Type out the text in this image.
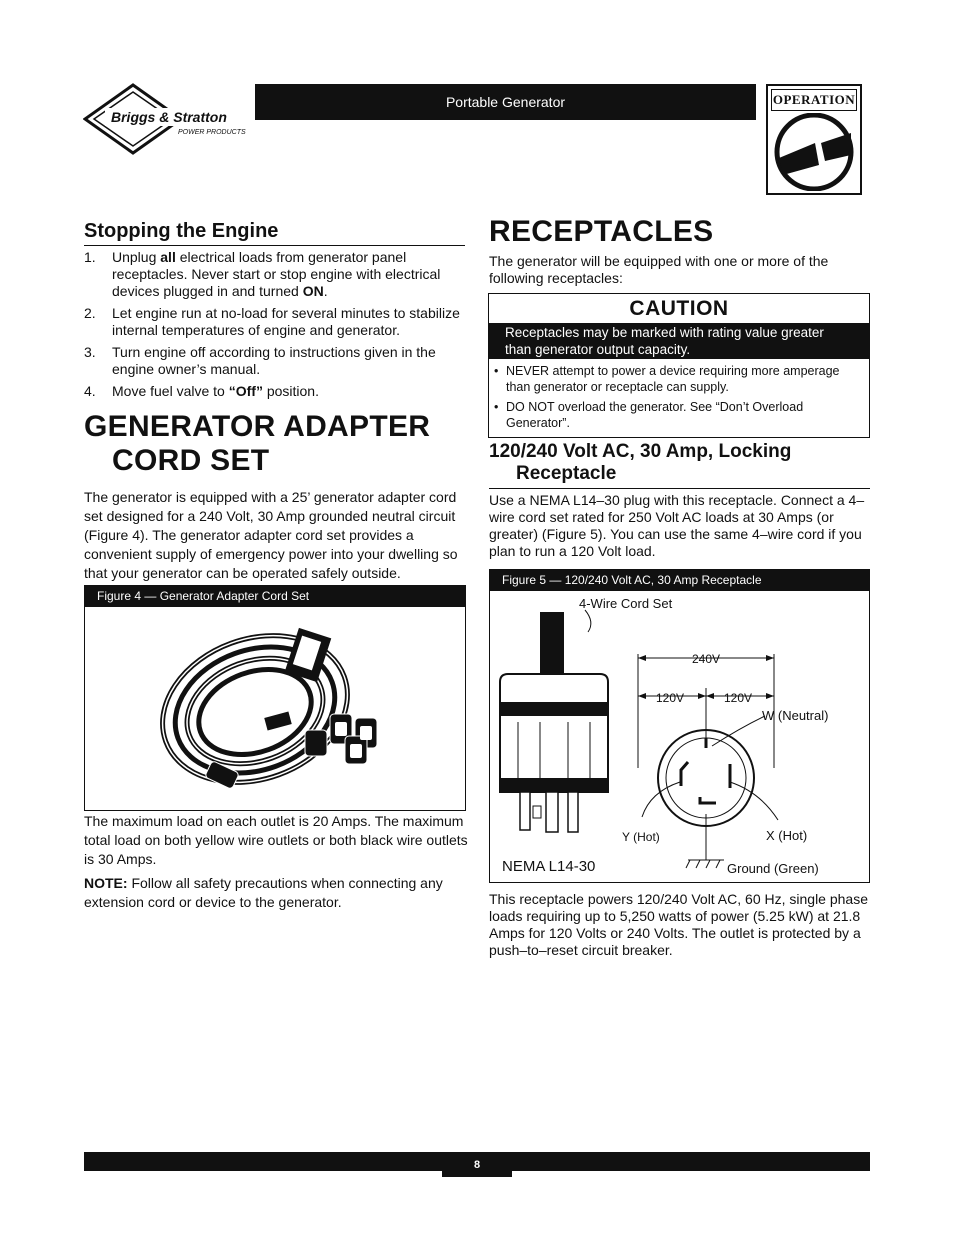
Briggs & Stratton
POWER PRODUCTS
Portable Generator	OPERATION
Stopping the Engine
1. Unplug all electrical loads from generator panel receptacles. Never start or stop engine with electrical devices plugged in and turned ON.
2. Let engine run at no-load for several minutes to stabilize internal temperatures of engine and generator.
3. Turn engine off according to instructions given in the engine owner’s manual.
4. Move fuel valve to “Off” position.
GENERATOR ADAPTER
CORD SET
The generator is equipped with a 25’ generator adapter cord set designed for a 240 Volt, 30 Amp grounded neutral circuit (Figure 4). The generator adapter cord set provides a convenient supply of emergency power into your dwelling so that your generator can be operated safely outside.
Figure 4 — Generator Adapter Cord Set
The maximum load on each outlet is 20 Amps. The maximum total load on both yellow wire outlets or both black wire outlets is 30 Amps.
NOTE: Follow all safety precautions when connecting any extension cord or device to the generator.
RECEPTACLES
The generator will be equipped with one or more of the following receptacles:
CAUTION
Receptacles may be marked with rating value greater than generator output capacity.
• NEVER attempt to power a device requiring more amperage than generator or receptacle can supply.
• DO NOT overload the generator. See “Don’t Overload Generator”.
120/240 Volt AC, 30 Amp, Locking
Receptacle
Use a NEMA L14–30 plug with this receptacle. Connect a 4–wire cord set rated for 250 Volt AC loads at 30 Amps (or greater) (Figure 5). You can use the same 4–wire cord if you plan to run a 120 Volt load.
Figure 5 — 120/240 Volt AC, 30 Amp Receptacle
4-Wire Cord Set
240V
120V	120V
W (Neutral)
Y (Hot)	X (Hot)
Ground (Green)
NEMA L14-30
This receptacle powers 120/240 Volt AC, 60 Hz, single phase loads requiring up to 5,250 watts of power (5.25 kW) at 21.8 Amps for 120 Volts or 240 Volts. The outlet is protected by a push–to–reset circuit breaker.
8
